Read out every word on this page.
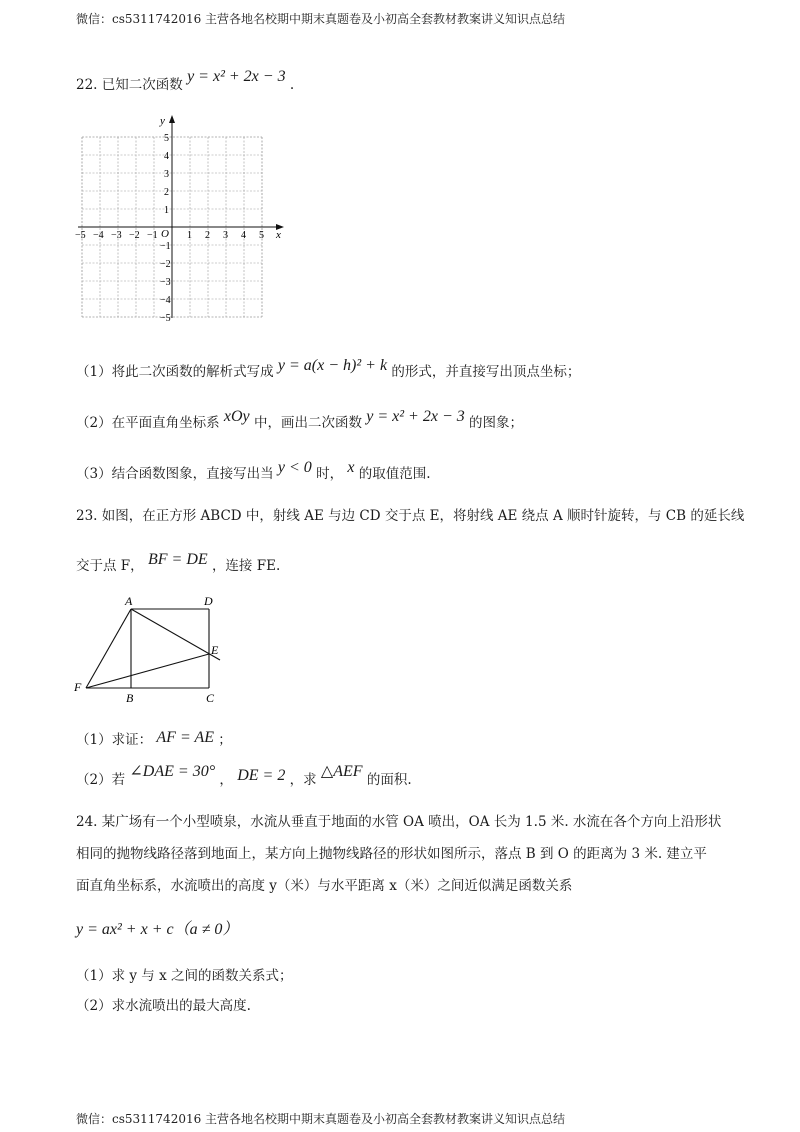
微信：cs5311742016 主营各地名校期中期末真题卷及小初高全套教材教案讲义知识点总结
22. 已知二次函数 y = x² + 2x − 3 .
y
x
O
−5 −4 −3 −2 −1	1 2 3 4 5
5
4
3
2
1
−1
−2
−3
−4
−5
（1）将此二次函数的解析式写成 y = a(x − h)² + k 的形式，并直接写出顶点坐标；
（2）在平面直角坐标系 xOy 中，画出二次函数 y = x² + 2x − 3 的图象；
（3）结合函数图象，直接写出当 y < 0 时， x 的取值范围.
23. 如图，在正方形 ABCD 中，射线 AE 与边 CD 交于点 E，将射线 AE 绕点 A 顺时针旋转，与 CB 的延长线
交于点 F， BF = DE ，连接 FE.
A	D
E
F
B	C
（1）求证： AF = AE ；
（2）若 ∠DAE = 30° ， DE = 2 ，求 △AEF 的面积.
24. 某广场有一个小型喷泉，水流从垂直于地面的水管 OA 喷出，OA 长为 1.5 米. 水流在各个方向上沿形状
相同的抛物线路径落到地面上，某方向上抛物线路径的形状如图所示，落点 B 到 O 的距离为 3 米. 建立平
面直角坐标系，水流喷出的高度 y（米）与水平距离 x（米）之间近似满足函数关系
y = ax² + x + c（a ≠ 0）
（1）求 y 与 x 之间的函数关系式；
（2）求水流喷出的最大高度.
微信：cs5311742016 主营各地名校期中期末真题卷及小初高全套教材教案讲义知识点总结
